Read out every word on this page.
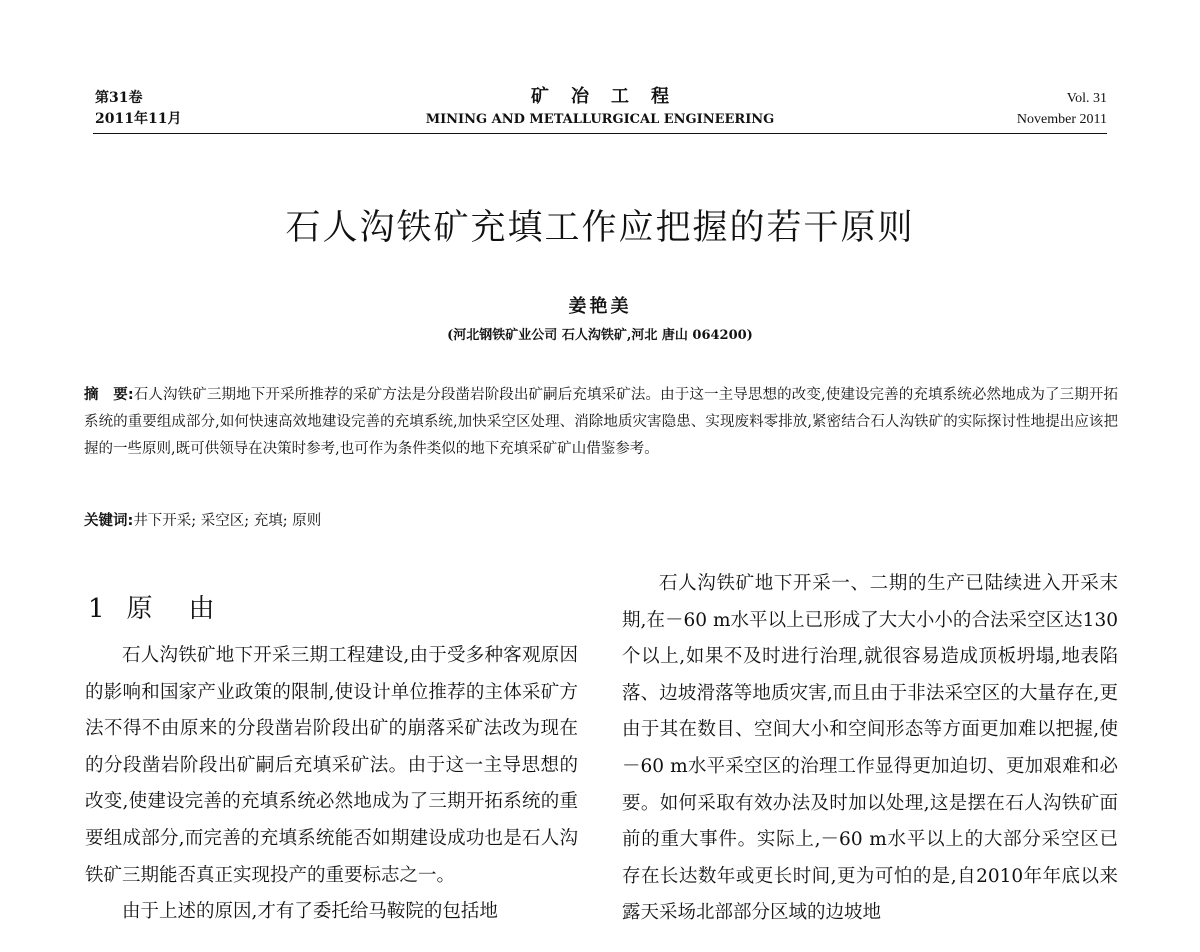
第31卷
2011年11月
矿冶工程
MINING AND METALLURGICAL ENGINEERING
Vol. 31
November 2011
石人沟铁矿充填工作应把握的若干原则
姜艳美
(河北钢铁矿业公司 石人沟铁矿,河北 唐山 064200)
摘　要:石人沟铁矿三期地下开采所推荐的采矿方法是分段凿岩阶段出矿嗣后充填采矿法。由于这一主导思想的改变,使建设完善的充填系统必然地成为了三期开拓系统的重要组成部分,如何快速高效地建设完善的充填系统,加快采空区处理、消除地质灾害隐患、实现废料零排放,紧密结合石人沟铁矿的实际探讨性地提出应该把握的一些原则,既可供领导在决策时参考,也可作为条件类似的地下充填采矿矿山借鉴参考。
关键词:井下开采; 采空区; 充填; 原则
1 原由

石人沟铁矿地下开采三期工程建设,由于受多种客观原因的影响和国家产业政策的限制,使设计单位推荐的主体采矿方法不得不由原来的分段凿岩阶段出矿的崩落采矿法改为现在的分段凿岩阶段出矿嗣后充填采矿法。由于这一主导思想的改变,使建设完善的充填系统必然地成为了三期开拓系统的重要组成部分,而完善的充填系统能否如期建设成功也是石人沟铁矿三期能否真正实现投产的重要标志之一。

由于上述的原因,才有了委托给马鞍院的包括地

石人沟铁矿地下开采一、二期的生产已陆续进入开采末期,在－60 m水平以上已形成了大大小小的合法采空区达130个以上,如果不及时进行治理,就很容易造成顶板坍塌,地表陷落、边坡滑落等地质灾害,而且由于非法采空区的大量存在,更由于其在数目、空间大小和空间形态等方面更加难以把握,使－60 m水平采空区的治理工作显得更加迫切、更加艰难和必要。如何采取有效办法及时加以处理,这是摆在石人沟铁矿面前的重大事件。实际上,－60 m水平以上的大部分采空区已存在长达数年或更长时间,更为可怕的是,自2010年年底以来露天采场北部部分区域的边坡地
